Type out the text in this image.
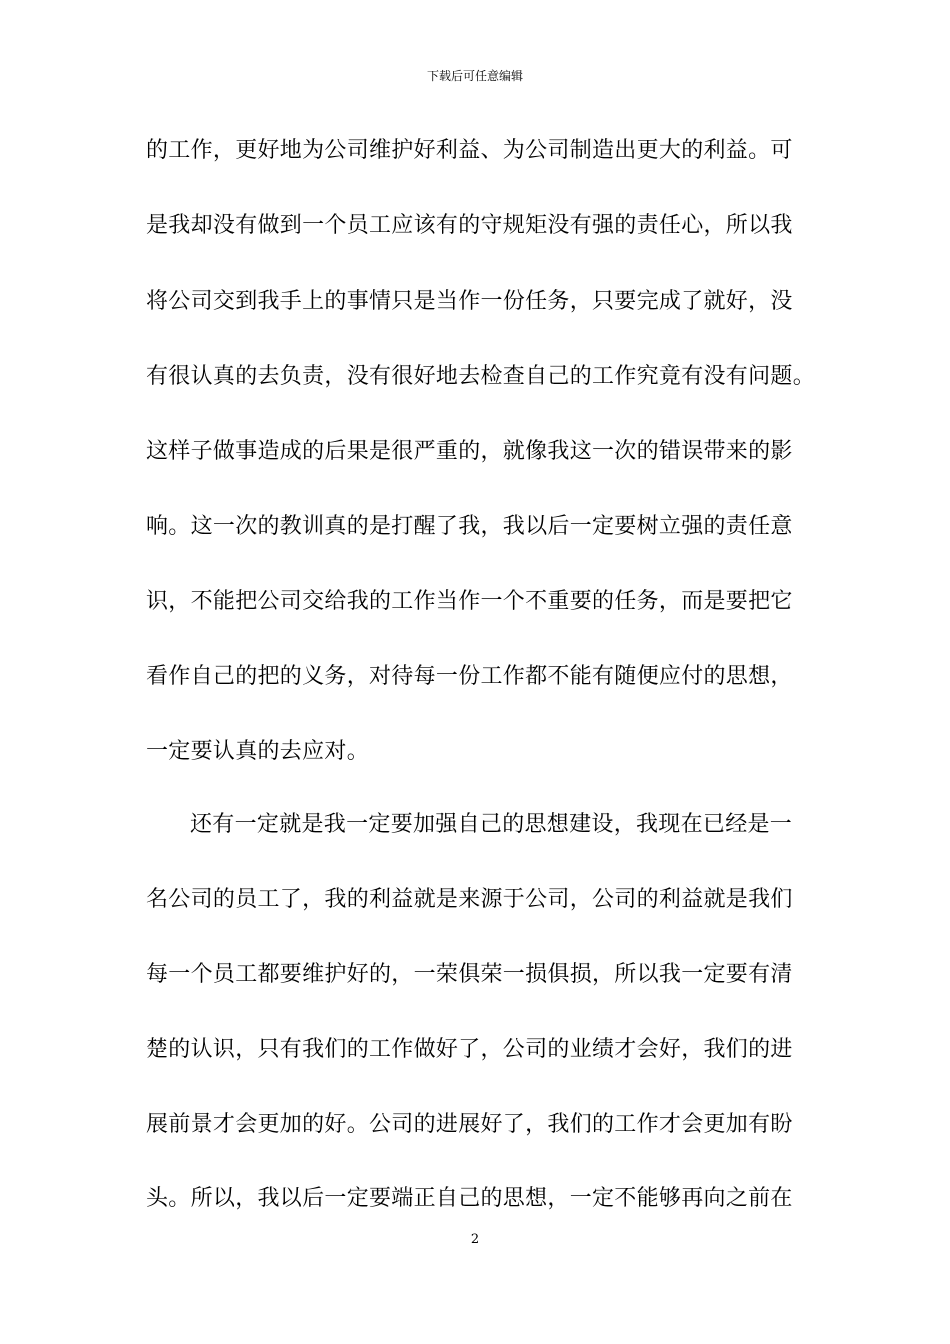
下载后可任意编辑
的工作，更好地为公司维护好利益、为公司制造出更大的利益。可
是我却没有做到一个员工应该有的守规矩没有强的责任心，所以我
将公司交到我手上的事情只是当作一份任务，只要完成了就好，没
有很认真的去负责，没有很好地去检查自己的工作究竟有没有问题。
这样子做事造成的后果是很严重的，就像我这一次的错误带来的影
响。这一次的教训真的是打醒了我，我以后一定要树立强的责任意
识，不能把公司交给我的工作当作一个不重要的任务，而是要把它
看作自己的把的义务，对待每一份工作都不能有随便应付的思想，
一定要认真的去应对。
还有一定就是我一定要加强自己的思想建设，我现在已经是一
名公司的员工了，我的利益就是来源于公司，公司的利益就是我们
每一个员工都要维护好的，一荣俱荣一损俱损，所以我一定要有清
楚的认识，只有我们的工作做好了，公司的业绩才会好，我们的进
展前景才会更加的好。公司的进展好了，我们的工作才会更加有盼
头。所以，我以后一定要端正自己的思想，一定不能够再向之前在
2
